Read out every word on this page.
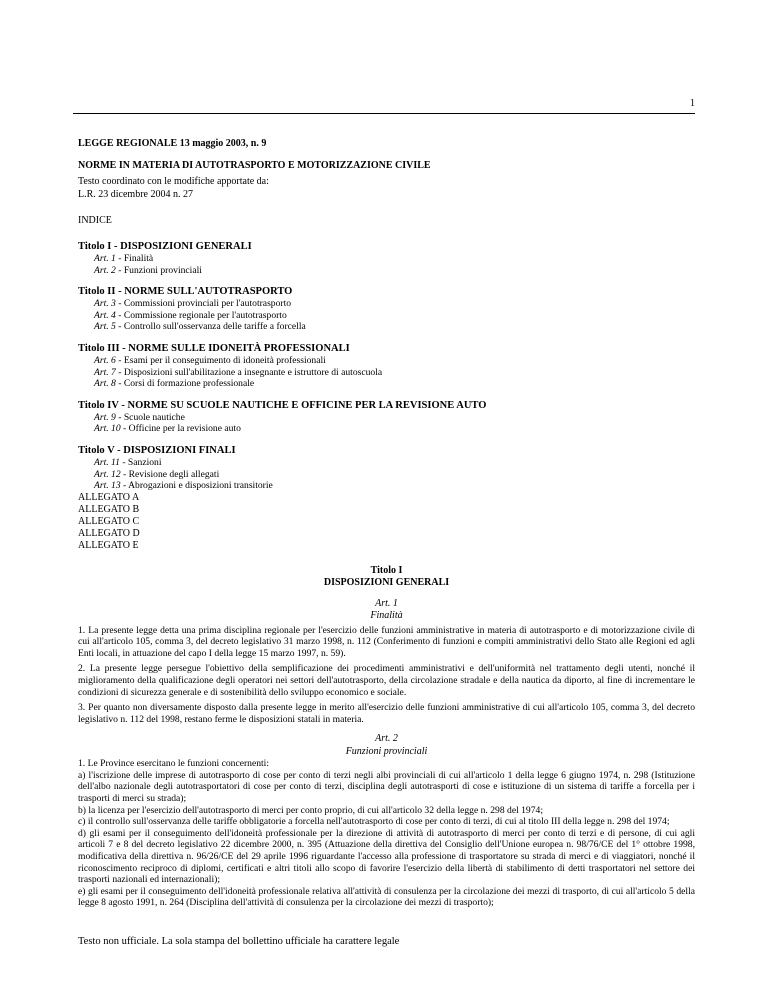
1
LEGGE REGIONALE 13 maggio 2003, n. 9
NORME IN MATERIA DI AUTOTRASPORTO E MOTORIZZAZIONE CIVILE

Testo coordinato con le modifiche apportate da:

L.R. 23 dicembre 2004 n. 27

INDICE
Titolo I - DISPOSIZIONI GENERALI
Art. 1 - Finalità
Art. 2 - Funzioni provinciali
Titolo II - NORME SULL'AUTOTRASPORTO
Art. 3 - Commissioni provinciali per l'autotrasporto
Art. 4 - Commissione regionale per l'autotrasporto
Art. 5 - Controllo sull'osservanza delle tariffe a forcella
Titolo III - NORME SULLE IDONEITÀ PROFESSIONALI
Art. 6 - Esami per il conseguimento di idoneità professionali
Art. 7 - Disposizioni sull'abilitazione a insegnante e istruttore di autoscuola
Art. 8 - Corsi di formazione professionale
Titolo IV - NORME SU SCUOLE NAUTICHE E OFFICINE PER LA REVISIONE AUTO
Art. 9 - Scuole nautiche
Art. 10 - Officine per la revisione auto
Titolo V - DISPOSIZIONI FINALI
Art. 11 - Sanzioni
Art. 12 - Revisione degli allegati
Art. 13 - Abrogazioni e disposizioni transitorie
ALLEGATO A
ALLEGATO B
ALLEGATO C
ALLEGATO D
ALLEGATO E
Titolo I
DISPOSIZIONI GENERALI
Art. 1
Finalità

1. La presente legge detta una prima disciplina regionale per l'esercizio delle funzioni amministrative in materia di autotrasporto e di motorizzazione civile di cui all'articolo 105, comma 3, del decreto legislativo 31 marzo 1998, n. 112 (Conferimento di funzioni e compiti amministrativi dello Stato alle Regioni ed agli Enti locali, in attuazione del capo I della legge 15 marzo 1997, n. 59).

2. La presente legge persegue l'obiettivo della semplificazione dei procedimenti amministrativi e dell'uniformità nel trattamento degli utenti, nonché il miglioramento della qualificazione degli operatori nei settori dell'autotrasporto, della circolazione stradale e della nautica da diporto, al fine di incrementare le condizioni di sicurezza generale e di sostenibilità dello sviluppo economico e sociale.

3. Per quanto non diversamente disposto dalla presente legge in merito all'esercizio delle funzioni amministrative di cui all'articolo 105, comma 3, del decreto legislativo n. 112 del 1998, restano ferme le disposizioni statali in materia.

Art. 2
Funzioni provinciali

1. Le Province esercitano le funzioni concernenti:

a) l'iscrizione delle imprese di autotrasporto di cose per conto di terzi negli albi provinciali di cui all'articolo 1 della legge 6 giugno 1974, n. 298 (Istituzione dell'albo nazionale degli autotrasportatori di cose per conto di terzi, disciplina degli autotrasporti di cose e istituzione di un sistema di tariffe a forcella per i trasporti di merci su strada);

b) la licenza per l'esercizio dell'autotrasporto di merci per conto proprio, di cui all'articolo 32 della legge n. 298 del 1974;

c) il controllo sull'osservanza delle tariffe obbligatorie a forcella nell'autotrasporto di cose per conto di terzi, di cui al titolo III della legge n. 298 del 1974;

d) gli esami per il conseguimento dell'idoneità professionale per la direzione di attività di autotrasporto di merci per conto di terzi e di persone, di cui agli articoli 7 e 8 del decreto legislativo 22 dicembre 2000, n. 395 (Attuazione della direttiva del Consiglio dell'Unione europea n. 98/76/CE del 1° ottobre 1998, modificativa della direttiva n. 96/26/CE del 29 aprile 1996 riguardante l'accesso alla professione di trasportatore su strada di merci e di viaggiatori, nonché il riconoscimento reciproco di diplomi, certificati e altri titoli allo scopo di favorire l'esercizio della libertà di stabilimento di detti trasportatori nel settore dei trasporti nazionali ed internazionali);

e) gli esami per il conseguimento dell'idoneità professionale relativa all'attività di consulenza per la circolazione dei mezzi di trasporto, di cui all'articolo 5 della legge 8 agosto 1991, n. 264 (Disciplina dell'attività di consulenza per la circolazione dei mezzi di trasporto);

Testo non ufficiale. La sola stampa del bollettino ufficiale ha carattere legale
